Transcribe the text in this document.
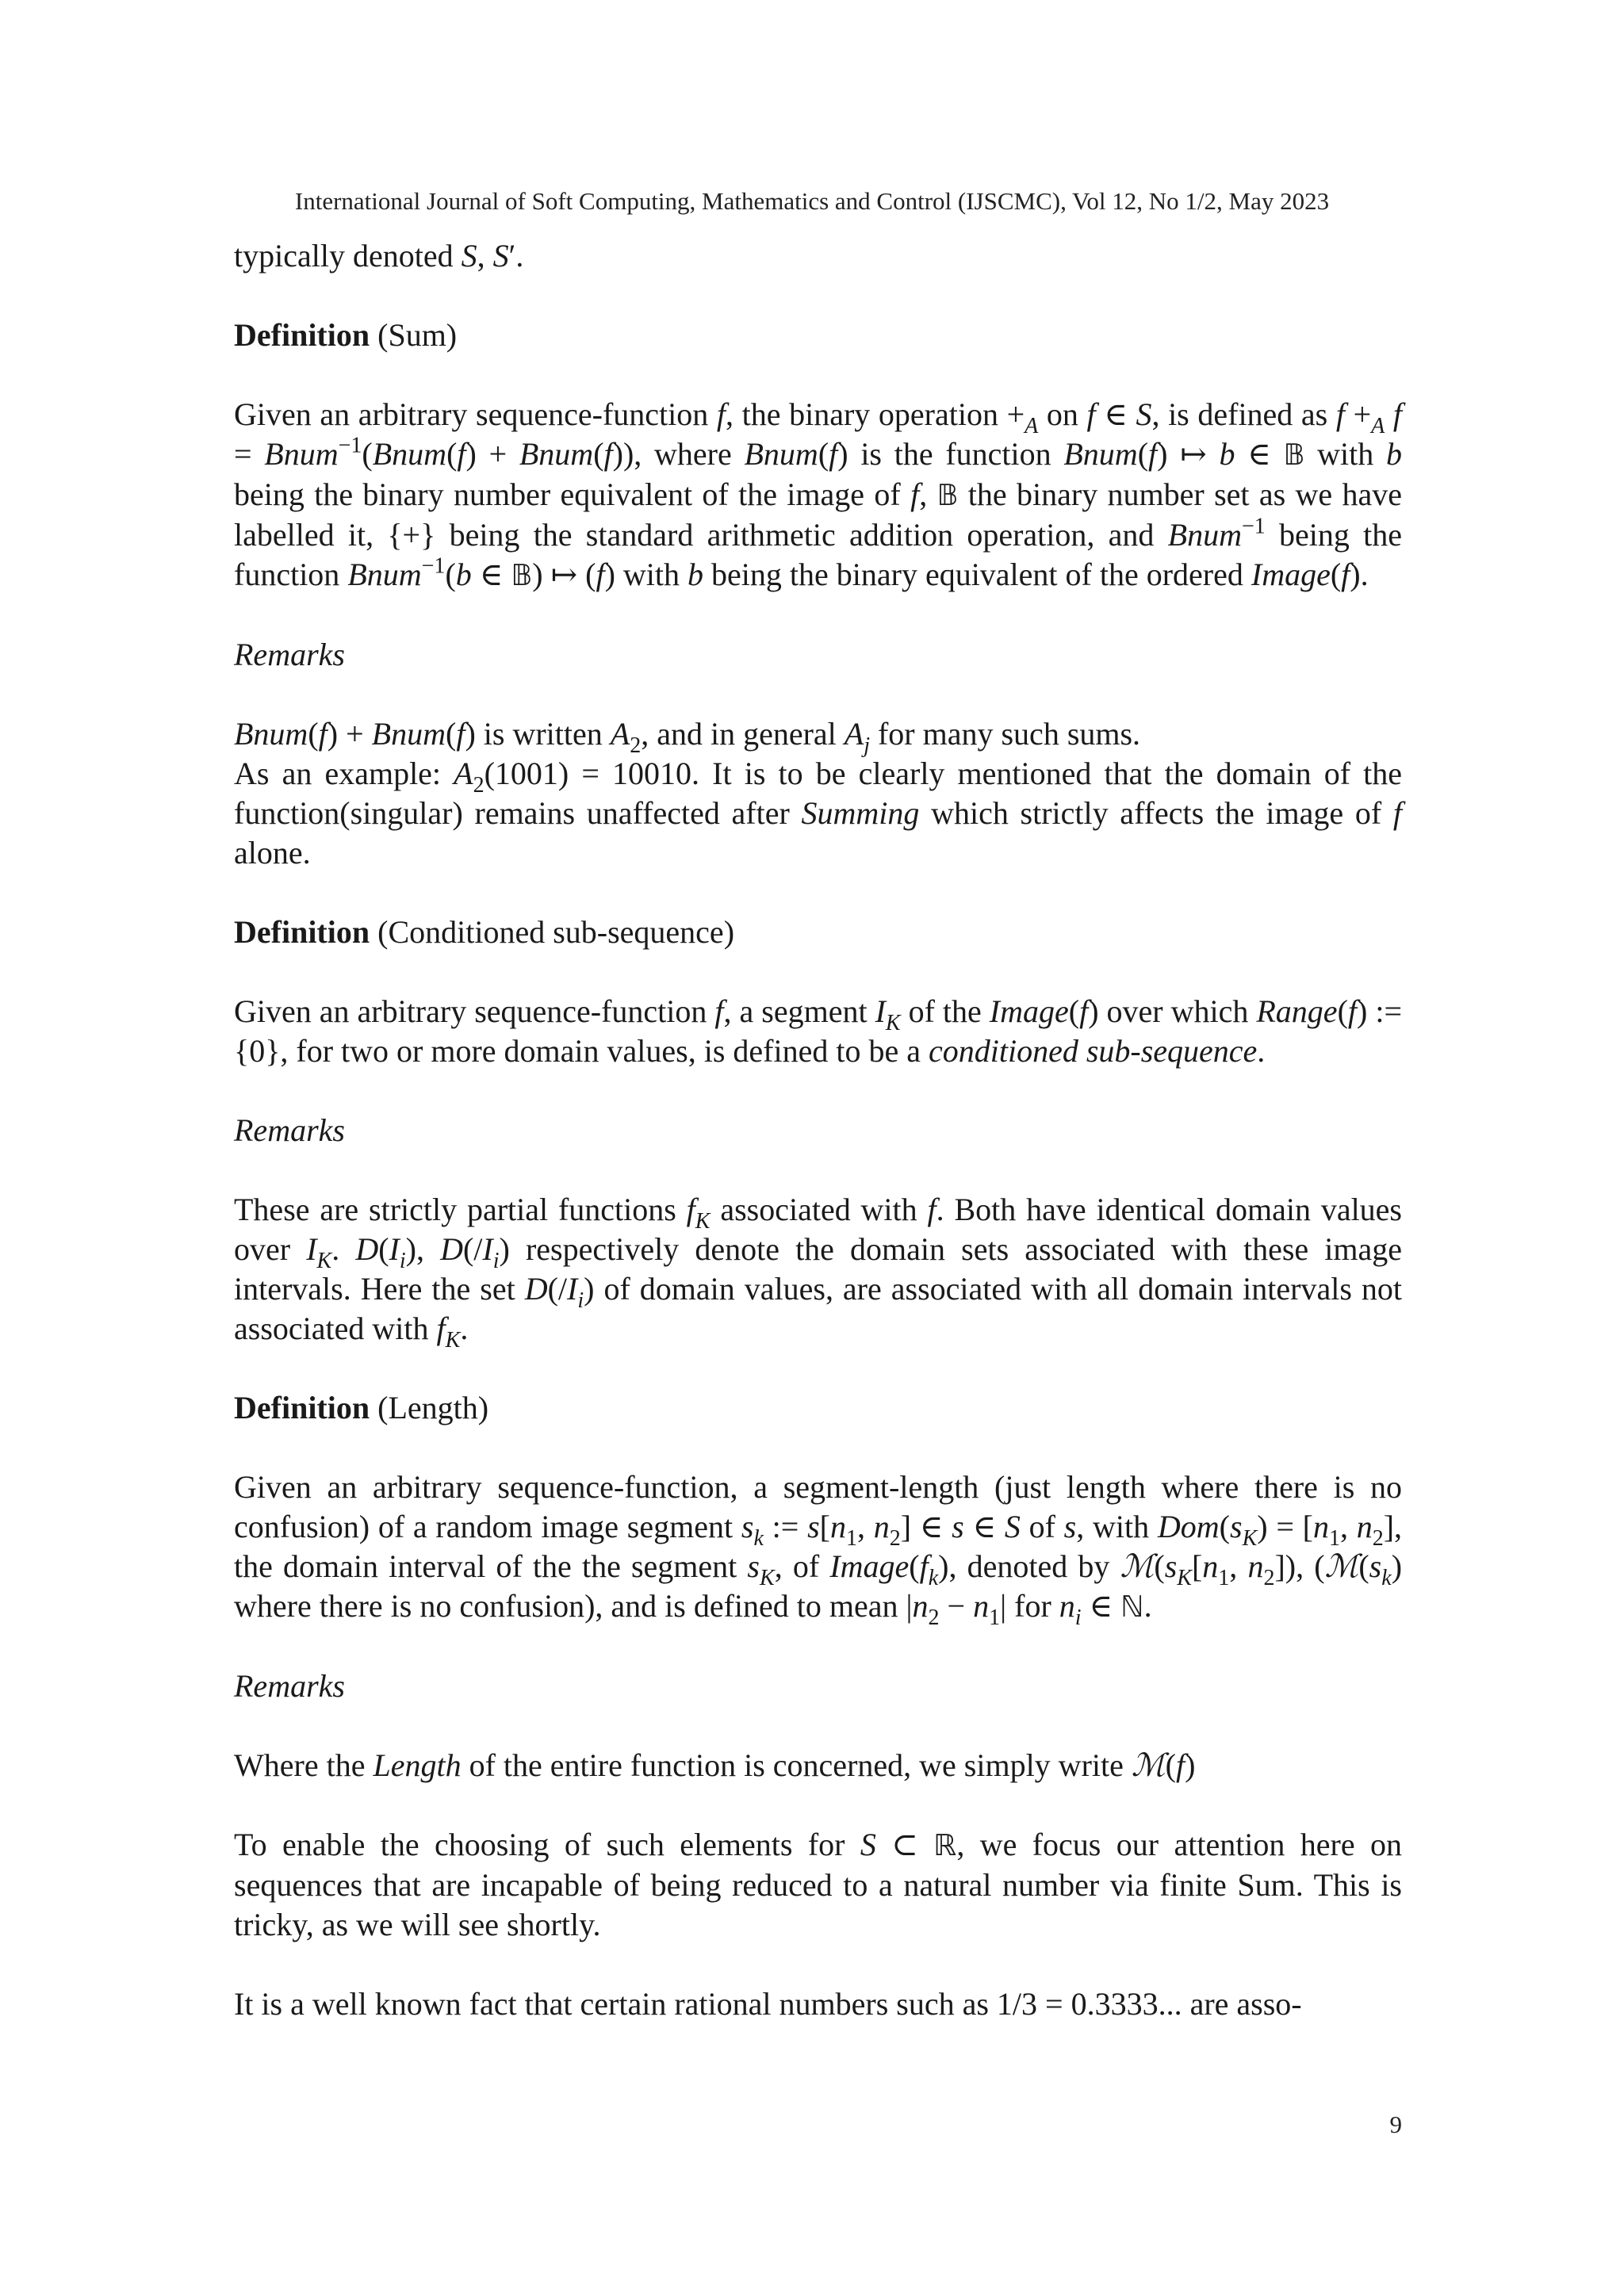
International Journal of Soft Computing, Mathematics and Control (IJSCMC), Vol 12, No 1/2, May 2023

typically denoted S, S′.

Definition (Sum)

Given an arbitrary sequence-function f, the binary operation $+_A$ on f ∈ S, is defined as $f +_A$ f = Bnum$^{-1}$(Bnum(f) + Bnum(f)), where Bnum(f) is the function Bnum(f) ↦ b ∈ 𝔹 with b being the binary number equivalent of the image of f, 𝔹 the binary number set as we have labelled it, {+} being the standard arithmetic addition operation, and Bnum$^{-1}$ being the function Bnum$^{-1}$(b ∈ 𝔹) ↦ (f) with b being the binary equivalent of the ordered Image(f).

Remarks

Bnum(f) + Bnum(f) is written $A_2$, and in general $A_j$ for many such sums.

As an example: $A_2(1001) = 10010$. It is to be clearly mentioned that the domain of the function(singular) remains unaffected after Summing which strictly affects the image of f alone.

Definition (Conditioned sub-sequence)

Given an arbitrary sequence-function f, a segment $I_K$ of the Image(f) over which Range(f) := {0}, for two or more domain values, is defined to be a conditioned sub-sequence.

Remarks

These are strictly partial functions $f_K$ associated with f. Both have identical domain values over $I_K$. $D(I_i)$, $D(/I_i)$ respectively denote the domain sets associated with these image intervals. Here the set $D(/I_i)$ of domain values, are associated with all domain intervals not associated with $f_K$.

Definition (Length)

Given an arbitrary sequence-function, a segment-length (just length where there is no confusion) of a random image segment $s_k$ := $s[n_1$, $n_2$] ∈ s ∈ S of s, with $Dom(s_K) = [n_1$, $n_2$], the domain interval of the the segment $s_K$, of $Image(f_k)$, denoted by $ℳ(s_K[n_1$, $n_2$]), ($ℳ(s_k)$ where there is no confusion), and is defined to mean $|n_2 - n_1|$ for $n_i$ ∈ ℕ.

Remarks

Where the Length of the entire function is concerned, we simply write ℳ(f)

To enable the choosing of such elements for S ⊂ ℝ, we focus our attention here on sequences that are incapable of being reduced to a natural number via finite Sum. This is tricky, as we will see shortly.

It is a well known fact that certain rational numbers such as 1/3 = 0.3333... are asso-

9
